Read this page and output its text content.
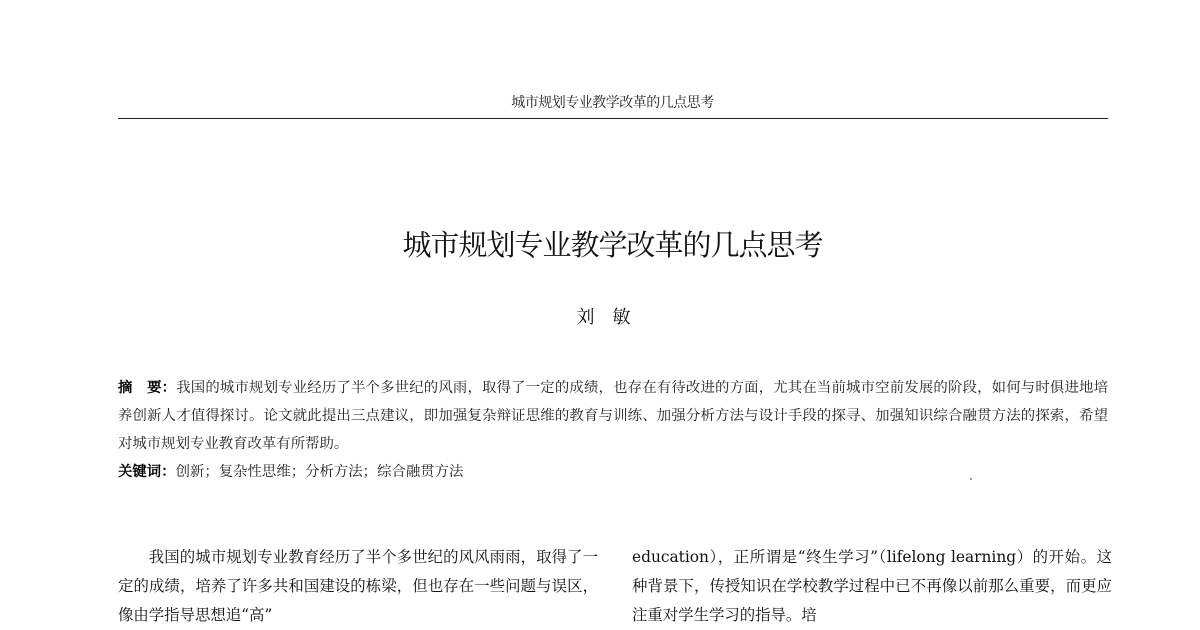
城市规划专业教学改革的几点思考
城市规划专业教学改革的几点思考
刘敏
摘　要：我国的城市规划专业经历了半个多世纪的风雨，取得了一定的成绩，也存在有待改进的方面，尤其在当前城市空前发展的阶段，如何与时俱进地培养创新人才值得探讨。论文就此提出三点建议，即加强复杂辩证思维的教育与训练、加强分析方法与设计手段的探寻、加强知识综合融贯方法的探索，希望对城市规划专业教育改革有所帮助。
关键词：创新；复杂性思维；分析方法；综合融贯方法

我国的城市规划专业教育经历了半个多世纪的风风雨雨，取得了一定的成绩，培养了许多共和国建设的栋梁，但也存在一些问题与误区，像由学指导思想追“高”

education），正所谓是“终生学习”（lifelong learning）的开始。这种背景下，传授知识在学校教学过程中已不再像以前那么重要，而更应注重对学生学习的指导。培
